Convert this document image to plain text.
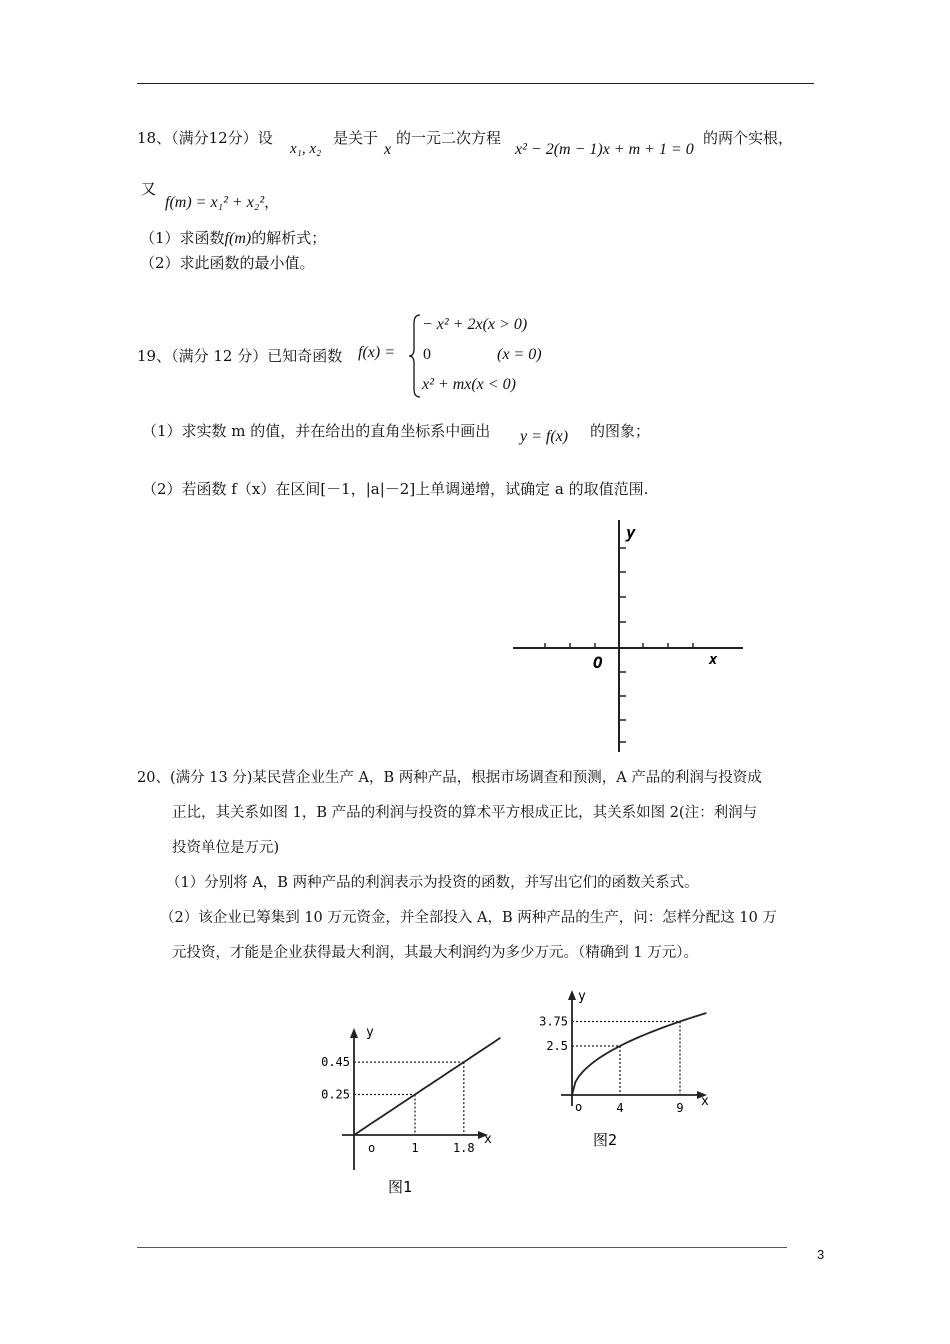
18、（满分12分）设
x₁, x₂
是关于
x
的一元二次方程
x² − 2(m − 1)x + m + 1 = 0
的两个实根，
又
f(m) = x₁² + x₂²，
（1）求函数f(m)的解析式；
（2）求此函数的最小值。
19、（满分 12 分）已知奇函数 f(x) =
− x² + 2x(x > 0)
0	(x = 0)
x² + mx(x < 0)
（1）求实数 m 的值，并在给出的直角坐标系中画出 y = f(x) 的图象；
（2）若函数 f（x）在区间[－1，|a|－2]上单调递增，试确定 a 的取值范围.
y
x
O
20、(满分 13 分)某民营企业生产 A，B 两种产品，根据市场调查和预测，A 产品的利润与投资成
正比，其关系如图 1，B 产品的利润与投资的算术平方根成正比，其关系如图 2(注：利润与
投资单位是万元)
（1）分别将 A，B 两种产品的利润表示为投资的函数，并写出它们的函数关系式。
（2）该企业已筹集到 10 万元资金，并全部投入 A，B 两种产品的生产，问：怎样分配这 10 万
元投资，才能是企业获得最大利润，其最大利润约为多少万元。（精确到 1 万元）。
y
x
o
0.25
1
0.45
1.8
图1
y
x
o
2.5
4
3.75
9
图2
3
